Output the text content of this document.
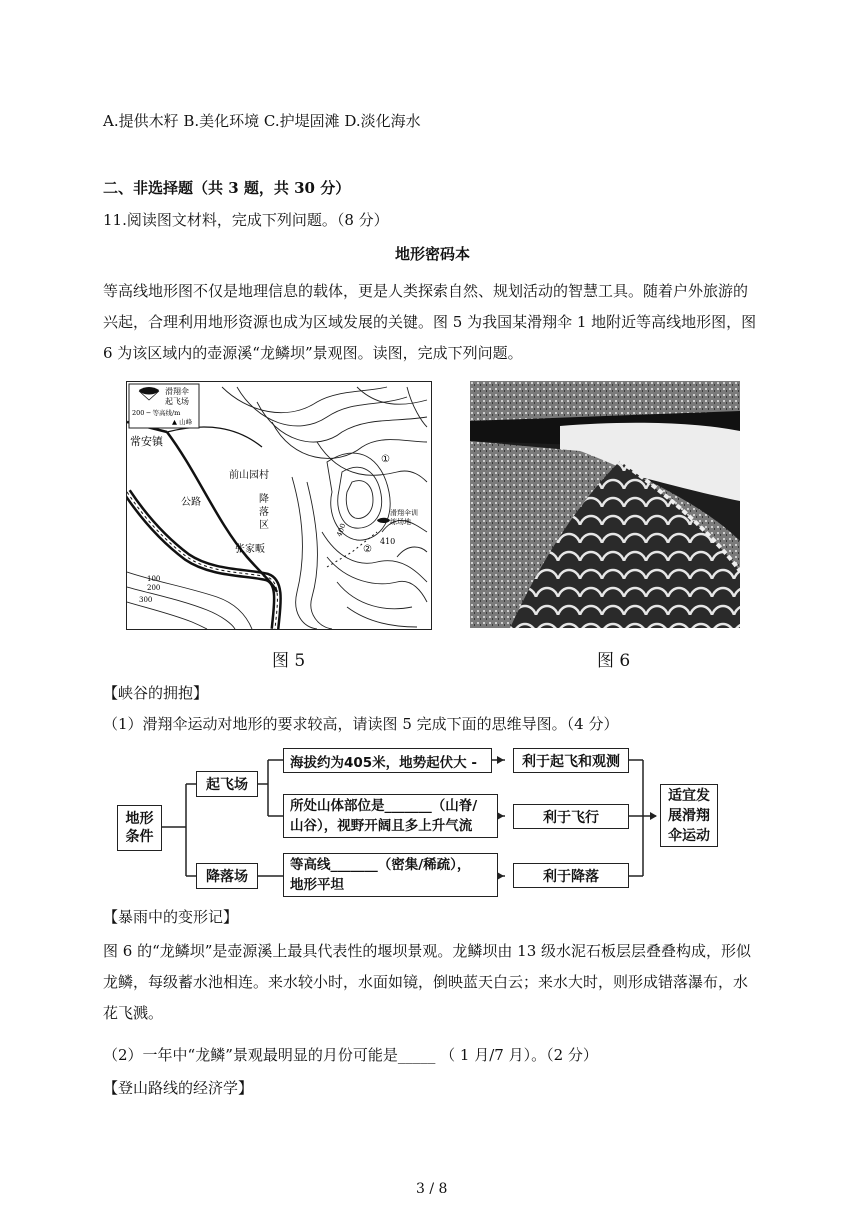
A.提供木籽 B.美化环境 C.护堤固滩 D.淡化海水
二、非选择题（共 3 题，共 30 分）
11.阅读图文材料，完成下列问题。（8 分）
地形密码本
等高线地形图不仅是地理信息的载体，更是人类探索自然、规划活动的智慧工具。随着户外旅游的
兴起，合理利用地形资源也成为区域发展的关键。图 5 为我国某滑翔伞 1 地附近等高线地形图，图
6 为该区域内的壶源溪“龙鳞坝”景观图。读图，完成下列问题。
滑翔伞
起飞场
200 ─ 等高线/m
▲ 山峰
常安镇
前山园村
公路	降
落
区
张家畈
滑翔伞训
练场地
410
①
②
100
200
300
400
图 5	图 6
【峡谷的拥抱】
（1）滑翔伞运动对地形的要求较高，请读图 5 完成下面的思维导图。（4 分）
地形
条件
起飞场
降落场
海拔约为405米，地势起伏大 -
所处山体部位是_______（山脊/
山谷），视野开阔且多上升气流
等高线_______（密集/稀疏），
地形平坦
利于起飞和观测
利于飞行
利于降落
适宜发
展滑翔
伞运动
【暴雨中的变形记】
图 6 的“龙鳞坝”是壶源溪上最具代表性的堰坝景观。龙鳞坝由 13 级水泥石板层层叠叠构成，形似
龙鳞，每级蓄水池相连。来水较小时，水面如镜，倒映蓝天白云；来水大时，则形成错落瀑布，水
花飞溅。
（2）一年中“龙鳞”景观最明显的月份可能是_____ （ 1 月/7 月）。（2 分）
【登山路线的经济学】
3 / 8
